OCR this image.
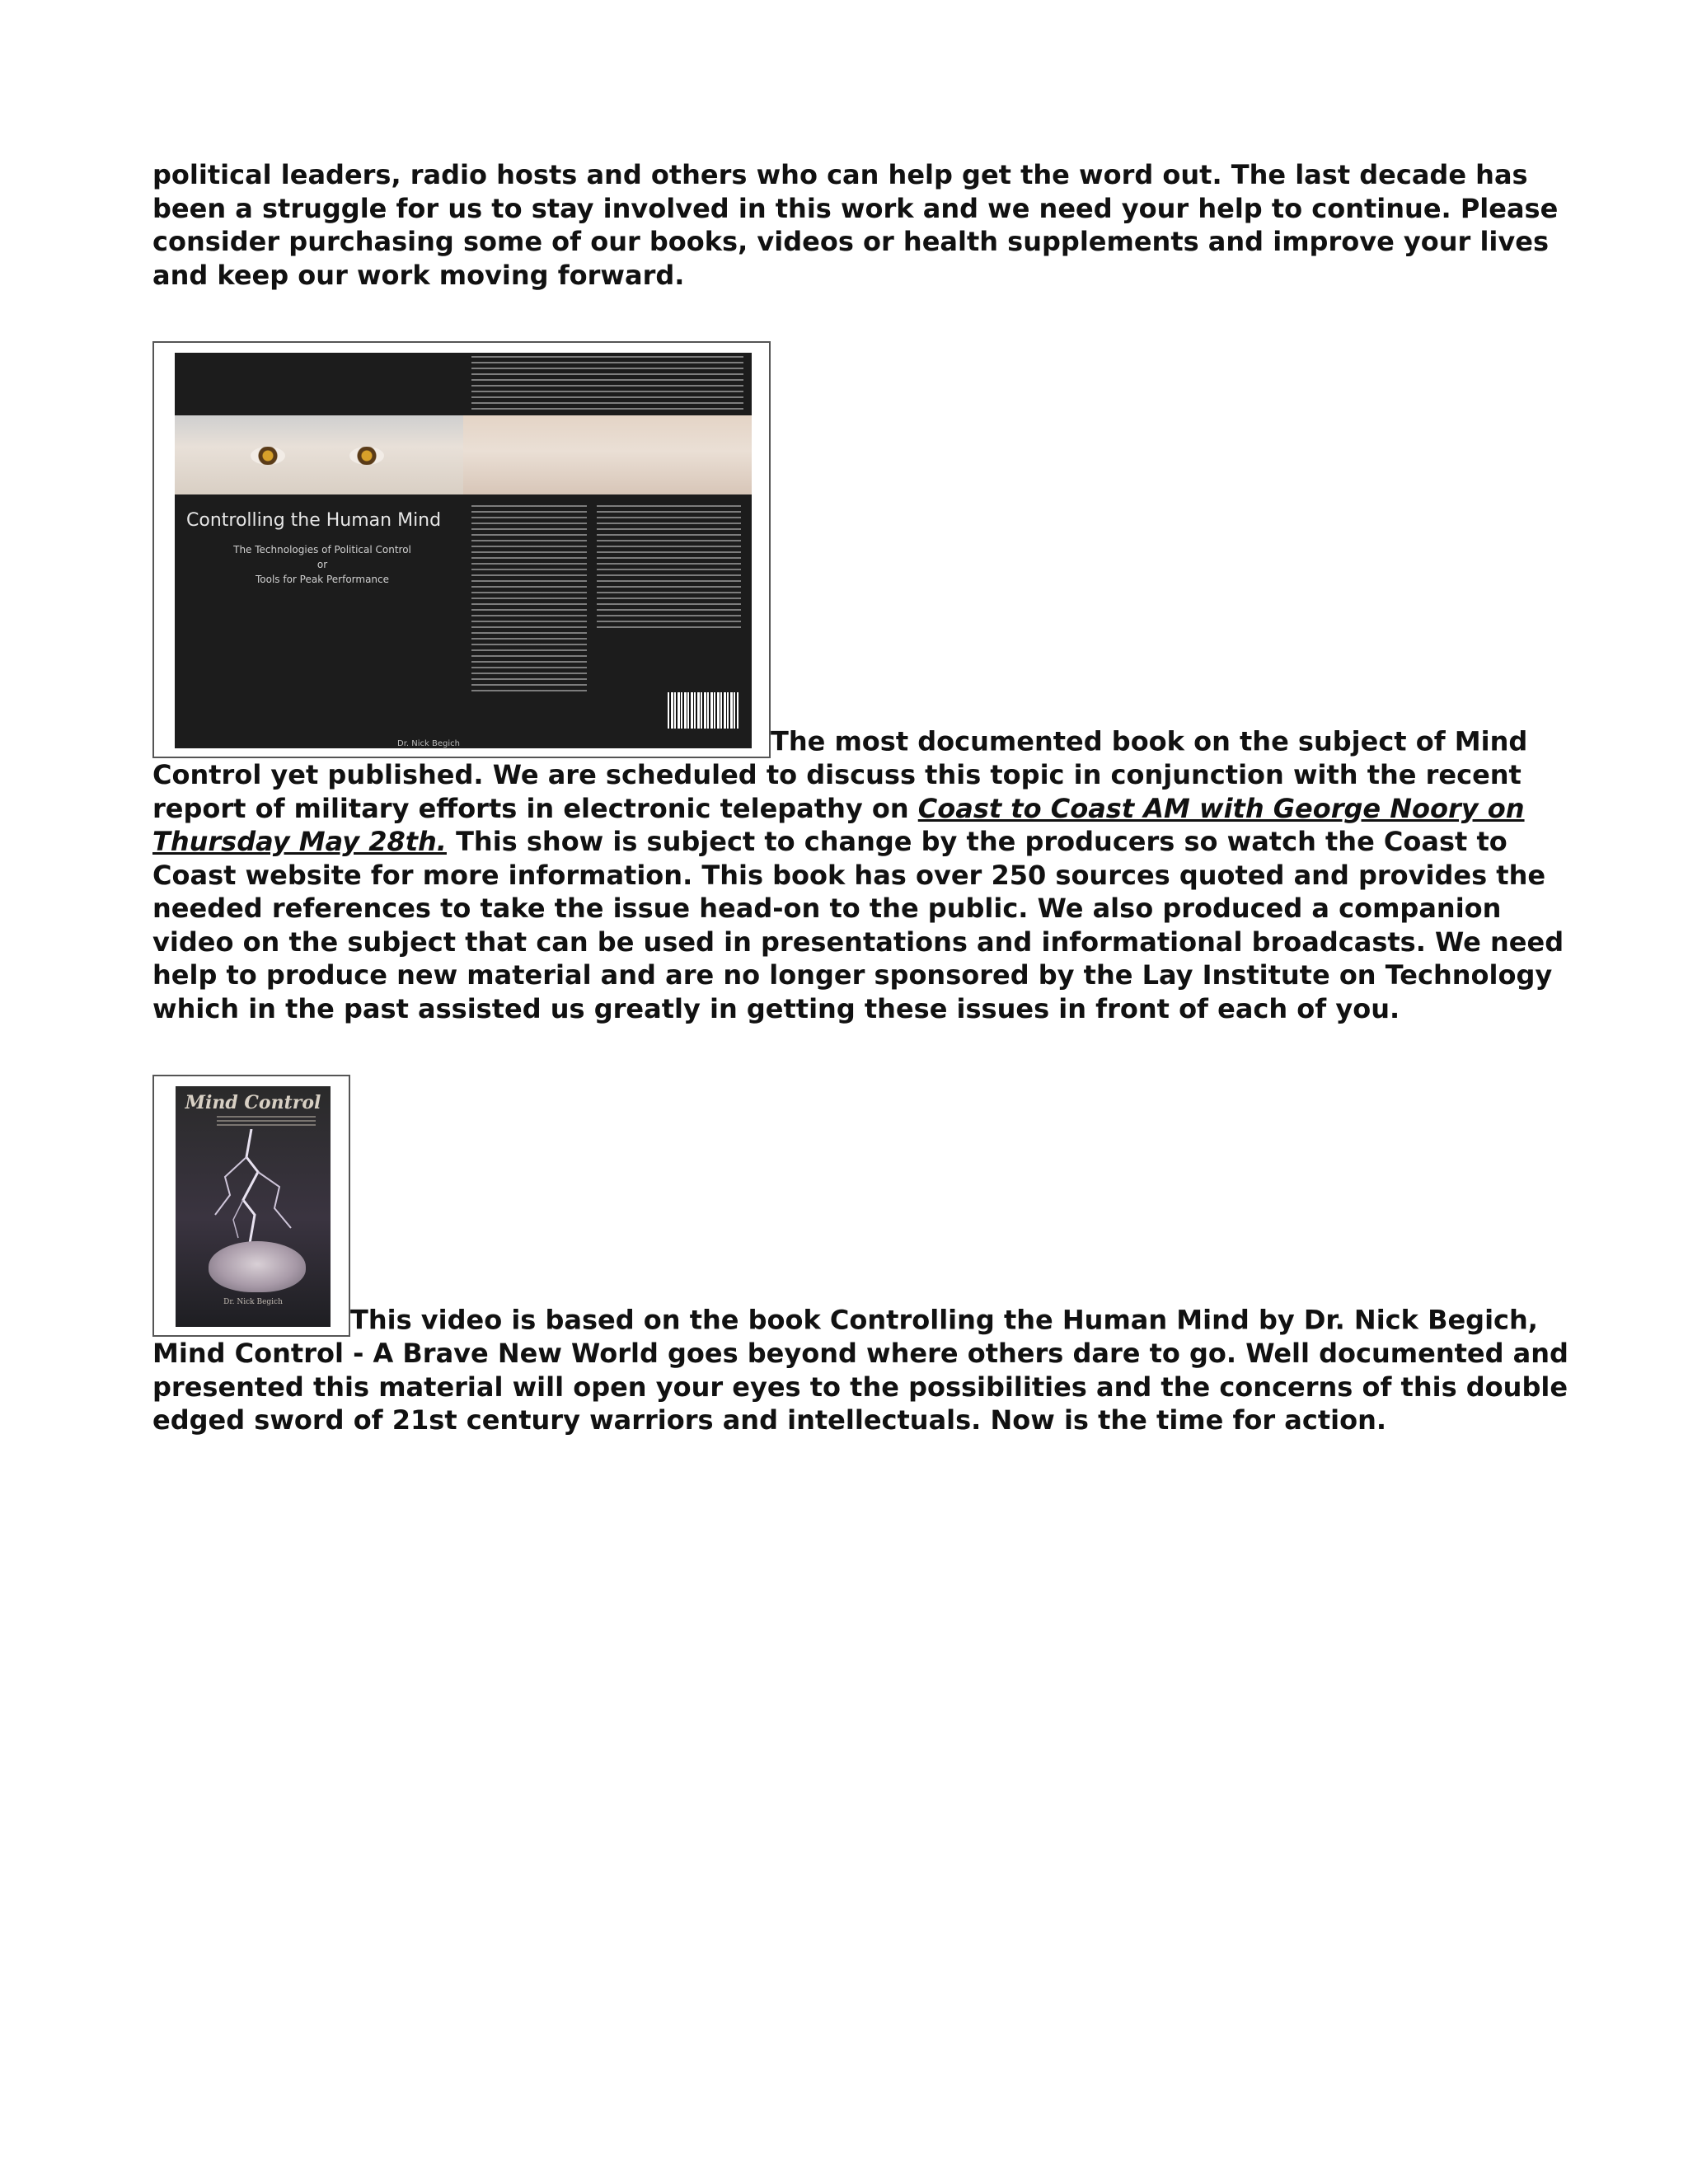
political leaders, radio hosts and others who can help get the word out. The last decade has been a struggle for us to stay involved in this work and we need your help to continue. Please consider purchasing some of our books, videos or health supplements and improve your lives and keep our work moving forward.

Controlling the Human Mind
The Technologies of Political Control
or
Tools for Peak Performance
Dr. Nick Begich	The most documented book on the subject of Mind Control yet published. We are scheduled to discuss this topic in conjunction with the recent report of military efforts in electronic telepathy on Coast to Coast AM with George Noory on Thursday May 28th. This show is subject to change by the producers so watch the Coast to Coast website for more information. This book has over 250 sources quoted and provides the needed references to take the issue head-on to the public. We also produced a companion video on the subject that can be used in presentations and informational broadcasts. We need help to produce new material and are no longer sponsored by the Lay Institute on Technology which in the past assisted us greatly in getting these issues in front of each of you.

Mind Control
Dr. Nick Begich
This video is based on the book Controlling the Human Mind by Dr. Nick Begich, Mind Control - A Brave New World goes beyond where others dare to go. Well documented and presented this material will open your eyes to the possibilities and the concerns of this double edged sword of 21st century warriors and intellectuals. Now is the time for action.
